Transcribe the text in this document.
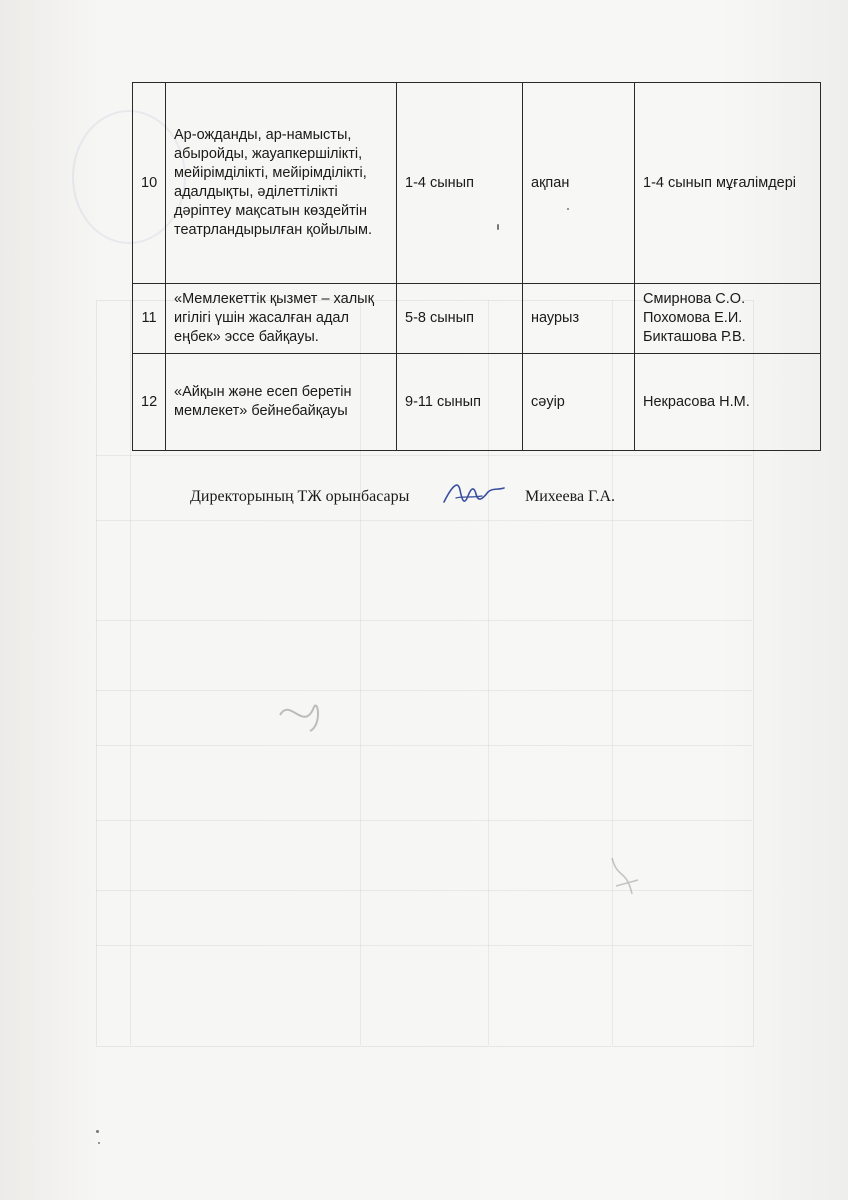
10	Ар-ожданды, ар-намысты, абыройды, жауапкершілікті, мейірімділікті, мейірімділікті, адалдықты, әділеттілікті дәріптеу мақсатын көздейтін театрландырылған қойылым.	1-4 сынып	ақпан	1-4 сынып мұғалімдері

11	«Мемлекеттік қызмет – халық игілігі үшін жасалған адал еңбек» эссе байқауы.	5-8 сынып	наурыз	Смирнова С.О.
Похомова Е.И.
Бикташова Р.В.

12	«Айқын және есеп беретін мемлекет» бейнебайқауы	9-11 сынып	сәуір	Некрасова Н.М.
Директорының ТЖ орынбасары	Михеева Г.А.
